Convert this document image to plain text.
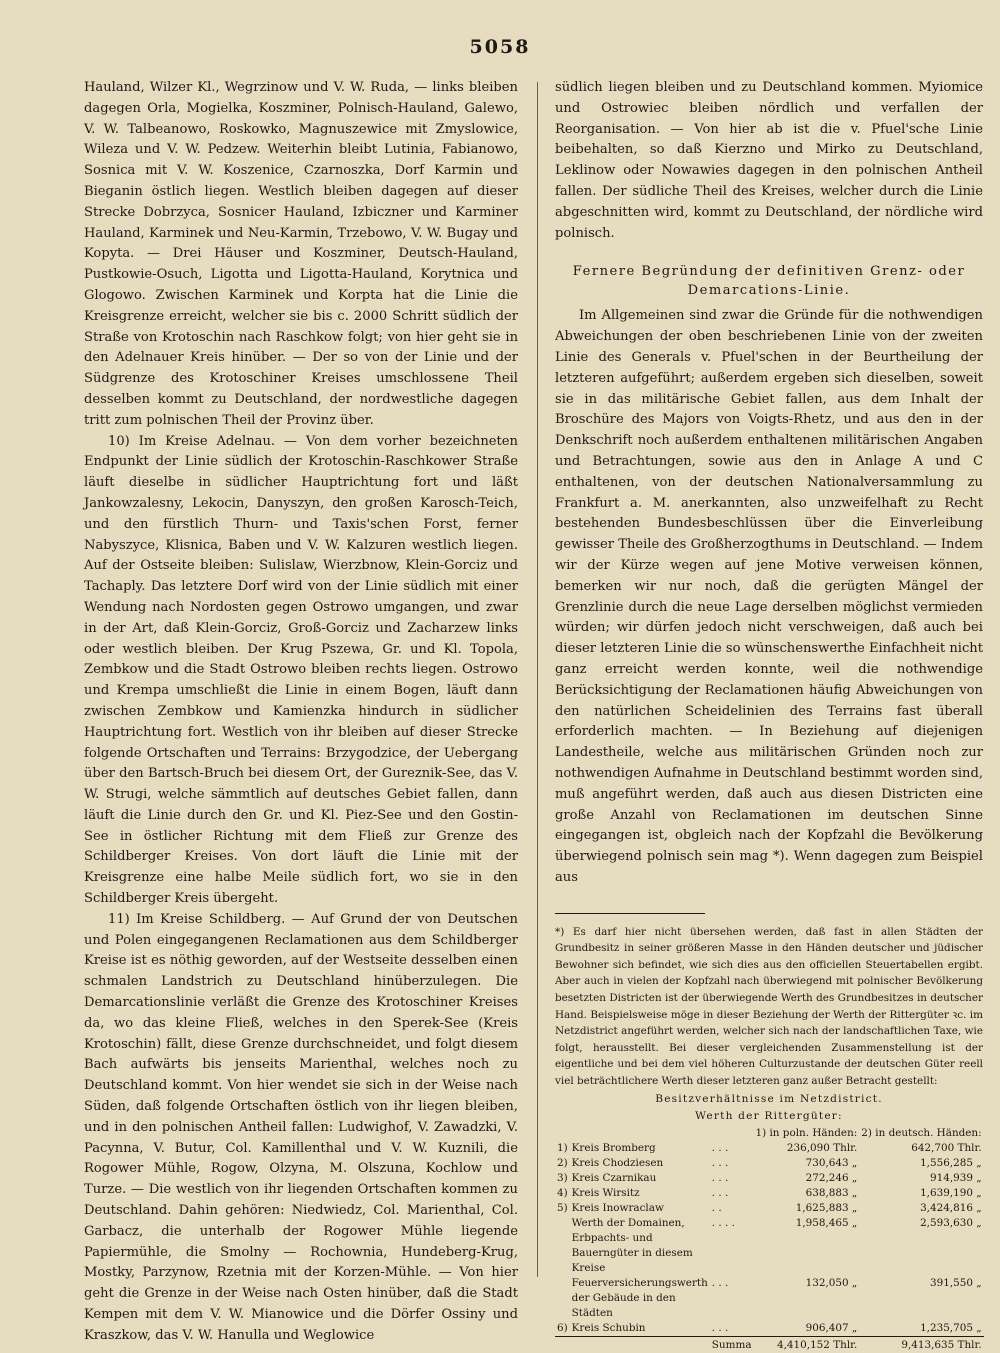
5058

Hauland, Wilzer Kl., Wegrzinow und V. W. Ruda, — links bleiben dagegen Orla, Mogielka, Koszminer, Polnisch-Hauland, Galewo, V. W. Talbeanowo, Roskowko, Magnuszewice mit Zmyslowice, Wileza und V. W. Pedzew. Weiterhin bleibt Lutinia, Fabianowo, Sosnica mit V. W. Koszenice, Czarnoszka, Dorf Karmin und Bieganin östlich liegen. Westlich bleiben dagegen auf dieser Strecke Dobrzyca, Sosnicer Hauland, Izbiczner und Karminer Hauland, Karminek und Neu-Karmin, Trzebowo, V. W. Bugay und Kopyta. — Drei Häuser und Koszminer, Deutsch-Hauland, Pustkowie-Osuch, Ligotta und Ligotta-Hauland, Korytnica und Glogowo. Zwischen Karminek und Korpta hat die Linie die Kreisgrenze erreicht, welcher sie bis c. 2000 Schritt südlich der Straße von Krotoschin nach Raschkow folgt; von hier geht sie in den Adelnauer Kreis hinüber. — Der so von der Linie und der Südgrenze des Krotoschiner Kreises umschlossene Theil desselben kommt zu Deutschland, der nordwestliche dagegen tritt zum polnischen Theil der Provinz über.

10) Im Kreise Adelnau. — Von dem vorher bezeichneten Endpunkt der Linie südlich der Krotoschin-Raschkower Straße läuft dieselbe in südlicher Hauptrichtung fort und läßt Jankowzalesny, Lekocin, Danyszyn, den großen Karosch-Teich, und den fürstlich Thurn- und Taxis'schen Forst, ferner Nabyszyce, Klisnica, Baben und V. W. Kalzuren westlich liegen. Auf der Ostseite bleiben: Sulislaw, Wierzbnow, Klein-Gorciz und Tachaply. Das letztere Dorf wird von der Linie südlich mit einer Wendung nach Nordosten gegen Ostrowo umgangen, und zwar in der Art, daß Klein-Gorciz, Groß-Gorciz und Zacharzew links oder westlich bleiben. Der Krug Pszewa, Gr. und Kl. Topola, Zembkow und die Stadt Ostrowo bleiben rechts liegen. Ostrowo und Krempa umschließt die Linie in einem Bogen, läuft dann zwischen Zembkow und Kamienzka hindurch in südlicher Hauptrichtung fort. Westlich von ihr bleiben auf dieser Strecke folgende Ortschaften und Terrains: Brzygodzice, der Uebergang über den Bartsch-Bruch bei diesem Ort, der Gureznik-See, das V. W. Strugi, welche sämmtlich auf deutsches Gebiet fallen, dann läuft die Linie durch den Gr. und Kl. Piez-See und den Gostin-See in östlicher Richtung mit dem Fließ zur Grenze des Schildberger Kreises. Von dort läuft die Linie mit der Kreisgrenze eine halbe Meile südlich fort, wo sie in den Schildberger Kreis übergeht.

11) Im Kreise Schildberg. — Auf Grund der von Deutschen und Polen eingegangenen Reclamationen aus dem Schildberger Kreise ist es nöthig geworden, auf der Westseite desselben einen schmalen Landstrich zu Deutschland hinüberzulegen. Die Demarcationslinie verläßt die Grenze des Krotoschiner Kreises da, wo das kleine Fließ, welches in den Sperek-See (Kreis Krotoschin) fällt, diese Grenze durchschneidet, und folgt diesem Bach aufwärts bis jenseits Marienthal, welches noch zu Deutschland kommt. Von hier wendet sie sich in der Weise nach Süden, daß folgende Ortschaften östlich von ihr liegen bleiben, und in den polnischen Antheil fallen: Ludwighof, V. Zawadzki, V. Pacynna, V. Butur, Col. Kamillenthal und V. W. Kuznili, die Rogower Mühle, Rogow, Olzyna, M. Olszuna, Kochlow und Turze. — Die westlich von ihr liegenden Ortschaften kommen zu Deutschland. Dahin gehören: Niedwiedz, Col. Marienthal, Col. Garbacz, die unterhalb der Rogower Mühle liegende Papiermühle, die Smolny — Rochownia, Hundeberg-Krug, Mostky, Parzynow, Rzetnia mit der Korzen-Mühle. — Von hier geht die Grenze in der Weise nach Osten hinüber, daß die Stadt Kempen mit dem V. W. Mianowice und die Dörfer Ossiny und Kraszkow, das V. W. Hanulla und Weglowice

südlich liegen bleiben und zu Deutschland kommen. Myiomice und Ostrowiec bleiben nördlich und verfallen der Reorganisation. — Von hier ab ist die v. Pfuel'sche Linie beibehalten, so daß Kierzno und Mirko zu Deutschland, Leklinow oder Nowawies dagegen in den polnischen Antheil fallen. Der südliche Theil des Kreises, welcher durch die Linie abgeschnitten wird, kommt zu Deutschland, der nördliche wird polnisch.

Fernere Begründung der definitiven Grenz- oder Demarcations-Linie.

Im Allgemeinen sind zwar die Gründe für die nothwendigen Abweichungen der oben beschriebenen Linie von der zweiten Linie des Generals v. Pfuel'schen in der Beurtheilung der letzteren aufgeführt; außerdem ergeben sich dieselben, soweit sie in das militärische Gebiet fallen, aus dem Inhalt der Broschüre des Majors von Voigts-Rhetz, und aus den in der Denkschrift noch außerdem enthaltenen militärischen Angaben und Betrachtungen, sowie aus den in Anlage A und C enthaltenen, von der deutschen Nationalversammlung zu Frankfurt a. M. anerkannten, also unzweifelhaft zu Recht bestehenden Bundesbeschlüssen über die Einverleibung gewisser Theile des Großherzogthums in Deutschland. — Indem wir der Kürze wegen auf jene Motive verweisen können, bemerken wir nur noch, daß die gerügten Mängel der Grenzlinie durch die neue Lage derselben möglichst vermieden würden; wir dürfen jedoch nicht verschweigen, daß auch bei dieser letzteren Linie die so wünschenswerthe Einfachheit nicht ganz erreicht werden konnte, weil die nothwendige Berücksichtigung der Reclamationen häufig Abweichungen von den natürlichen Scheidelinien des Terrains fast überall erforderlich machten. — In Beziehung auf diejenigen Landestheile, welche aus militärischen Gründen noch zur nothwendigen Aufnahme in Deutschland bestimmt worden sind, muß angeführt werden, daß auch aus diesen Districten eine große Anzahl von Reclamationen im deutschen Sinne eingegangen ist, obgleich nach der Kopfzahl die Bevölkerung überwiegend polnisch sein mag *). Wenn dagegen zum Beispiel aus

*) Es darf hier nicht übersehen werden, daß fast in allen Städten der Grundbesitz in seiner größeren Masse in den Händen deutscher und jüdischer Bewohner sich befindet, wie sich dies aus den officiellen Steuertabellen ergibt. Aber auch in vielen der Kopfzahl nach überwiegend mit polnischer Bevölkerung besetzten Districten ist der überwiegende Werth des Grundbesitzes in deutscher Hand. Beispielsweise möge in dieser Beziehung der Werth der Rittergüter ꝛc. im Netzdistrict angeführt werden, welcher sich nach der landschaftlichen Taxe, wie folgt, herausstellt. Bei dieser vergleichenden Zusammenstellung ist der eigentliche und bei dem viel höheren Culturzustande der deutschen Güter reell viel beträchtlichere Werth dieser letzteren ganz außer Betracht gestellt:

Besitzverhältnisse im Netzdistrict.
Werth der Rittergüter:
			1) in poln. Händen:	2) in deutsch. Händen:
1)	Kreis Bromberg	. . .	236,090 Thlr.	642,700 Thlr.
2)	Kreis Chodziesen	. . .	730,643 „	1,556,285 „
3)	Kreis Czarnikau	. . .	272,246 „	914,939 „
4)	Kreis Wirsitz	. . .	638,883 „	1,639,190 „
5)	Kreis Inowraclaw	. .	1,625,883 „	3,424,816 „
	Werth der Domainen, Erbpachts- und Bauerngüter in diesem Kreise	. . . .	1,958,465 „	2,593,630 „
	Feuerversicherungswerth der Gebäude in den Städten	. . .	132,050 „	391,550 „
6)	Kreis Schubin	. . .	906,407 „	1,235,705 „
		Summa	4,410,152 Thlr.	9,413,635 Thlr.
